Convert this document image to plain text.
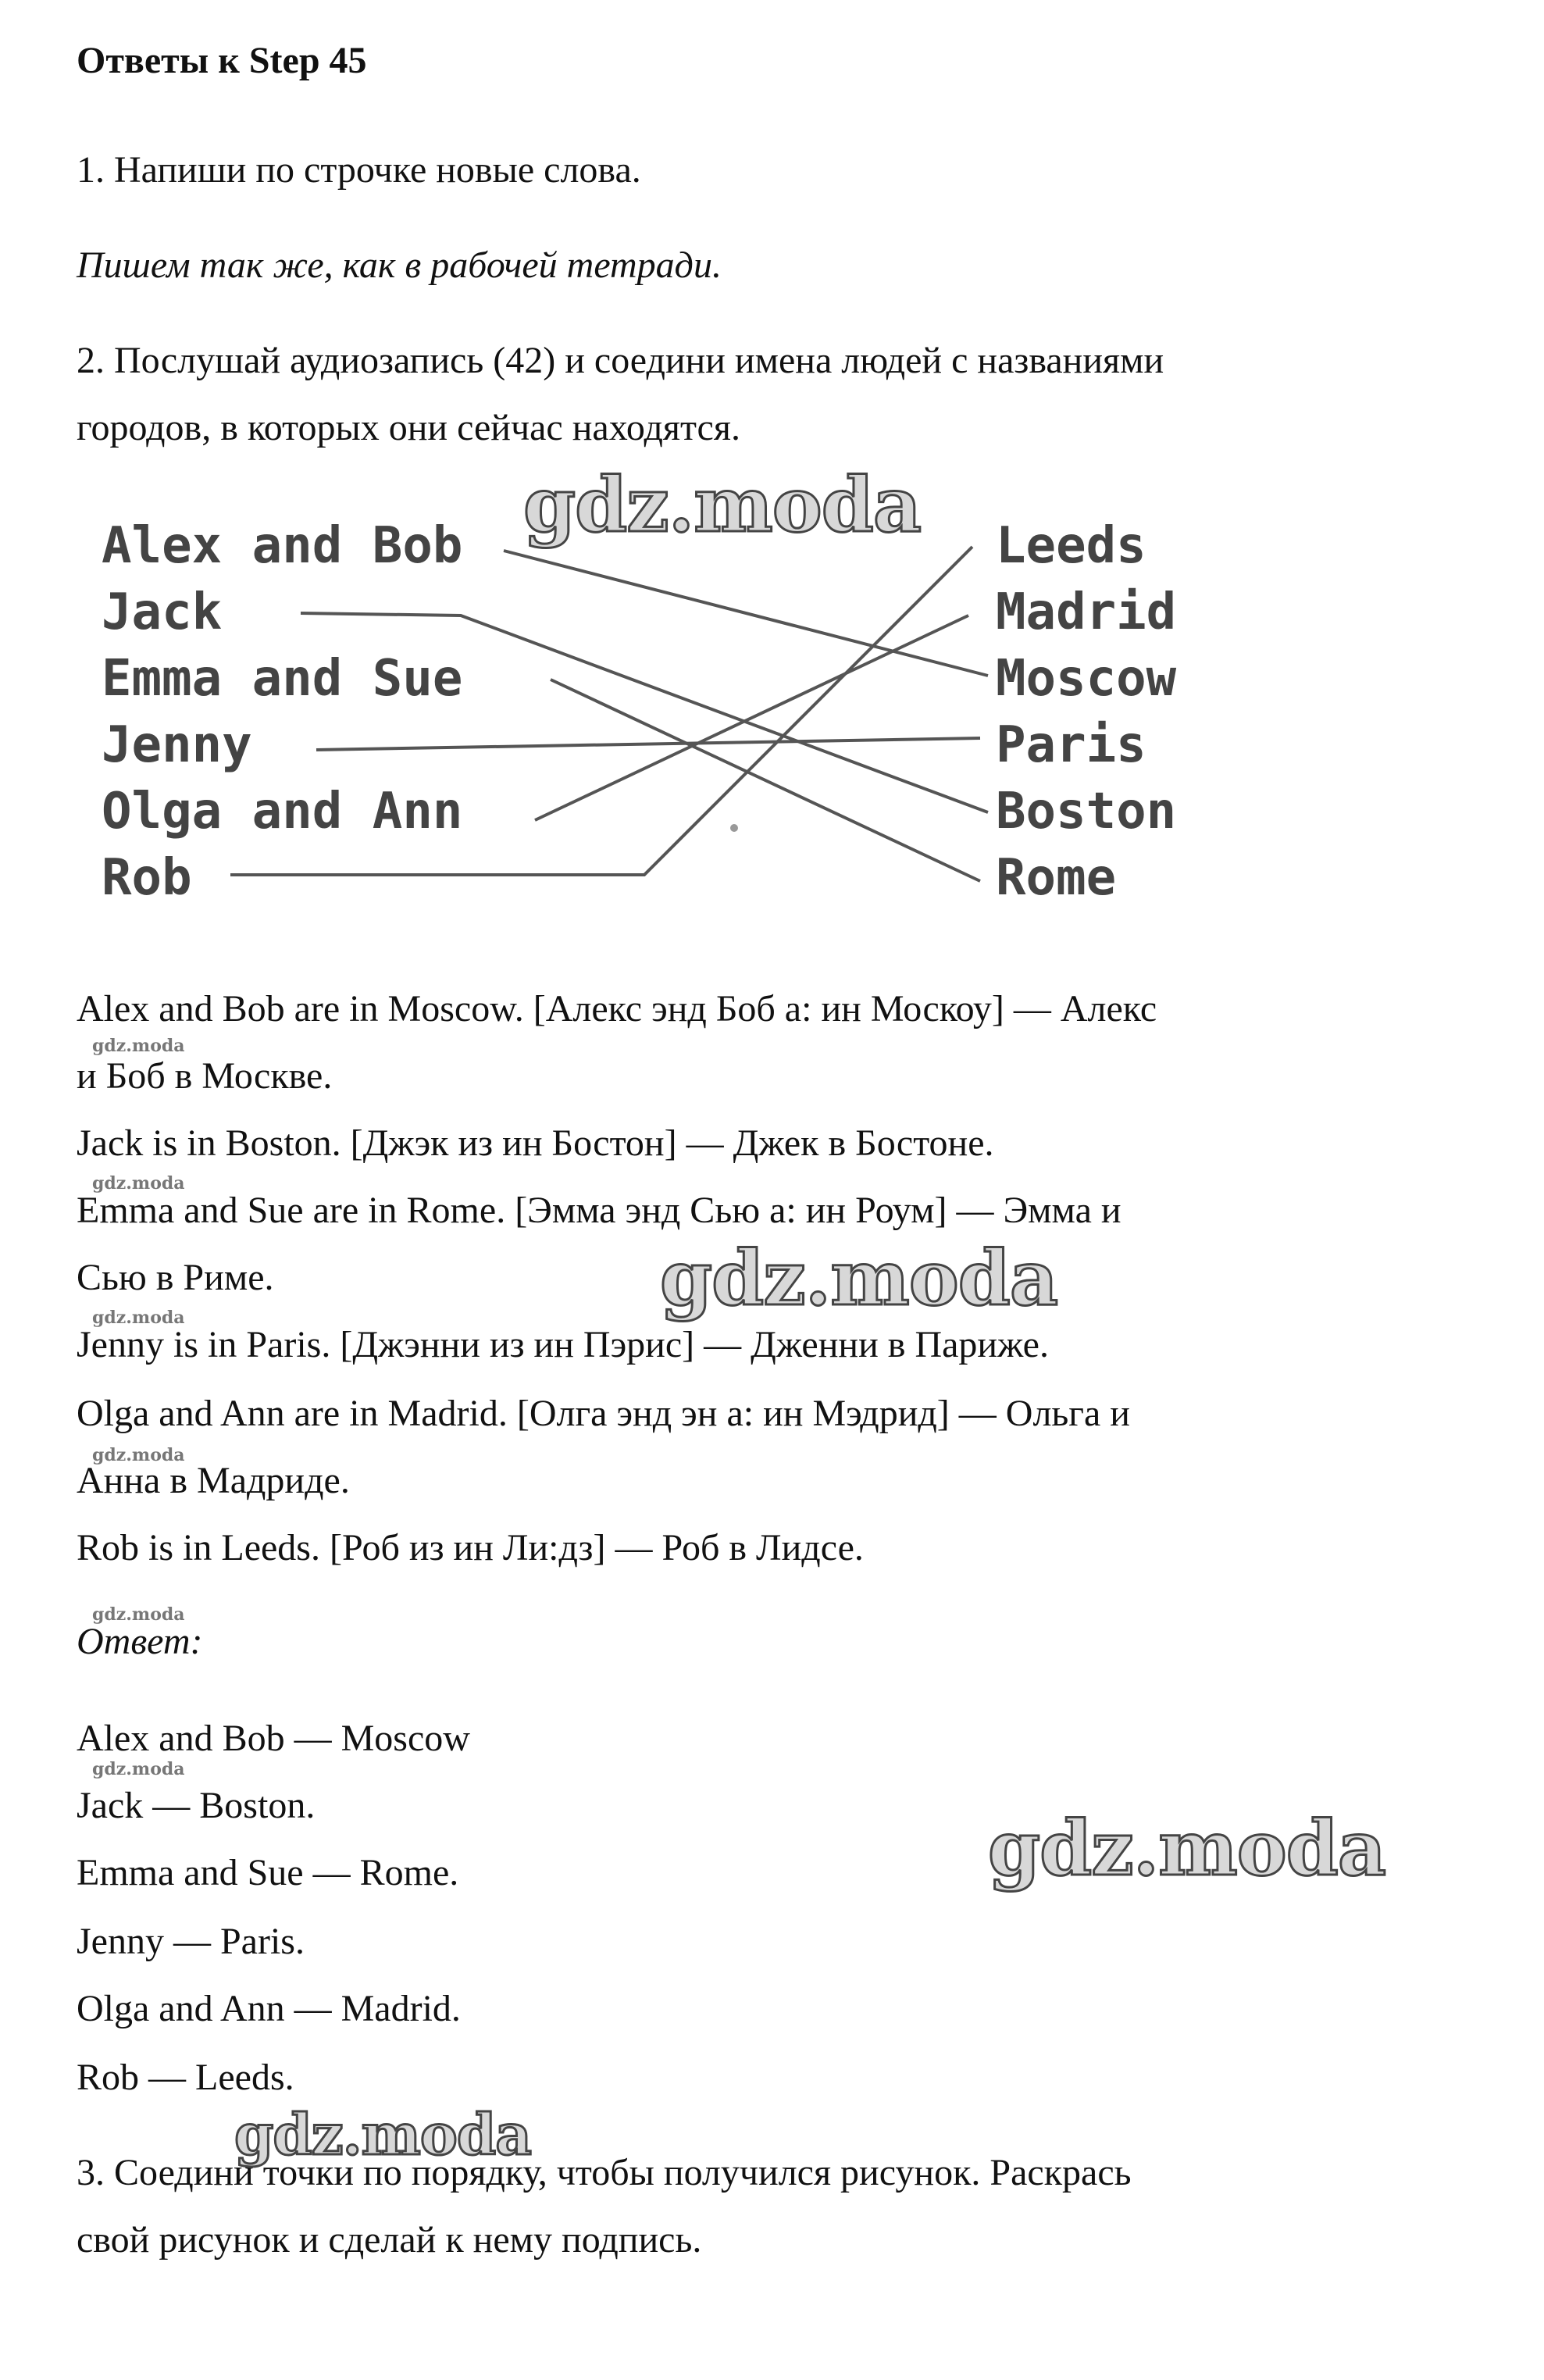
Ответы к Step 45
1. Напиши по строчке новые слова.
Пишем так же, как в рабочей тетради.
2. Послушай аудиозапись (42) и соедини имена людей с названиями
городов, в которых они сейчас находятся.
Alex and Bob
Jack
Emma and Sue
Jenny
Olga and Ann
Rob
Leeds
Madrid
Moscow
Paris
Boston
Rome
Alex and Bob are in Moscow. [Алекс энд Боб а: ин Москоу] — Алекс
и Боб в Москве.
Jack is in Boston. [Джэк из ин Бостон] — Джек в Бостоне.
Emma and Sue are in Rome. [Эмма энд Сью а: ин Роум] — Эмма и
Сью в Риме.
Jenny is in Paris. [Джэнни из ин Пэрис] — Дженни в Париже.
Olga and Ann are in Madrid. [Олга энд эн а: ин Мэдрид] — Ольга и
Анна в Мадриде.
Rob is in Leeds. [Роб из ин Ли:дз] — Роб в Лидсе.
Ответ:
Alex and Bob — Moscow
Jack — Boston.
Emma and Sue — Rome.
Jenny — Paris.
Olga and Ann — Madrid.
Rob — Leeds.
3. Соедини точки по порядку, чтобы получился рисунок. Раскрась
свой рисунок и сделай к нему подпись.
gdz.moda
gdz.moda
gdz.moda
gdz.moda
gdz.moda
gdz.moda
gdz.moda
gdz.moda
gdz.moda
gdz.moda
